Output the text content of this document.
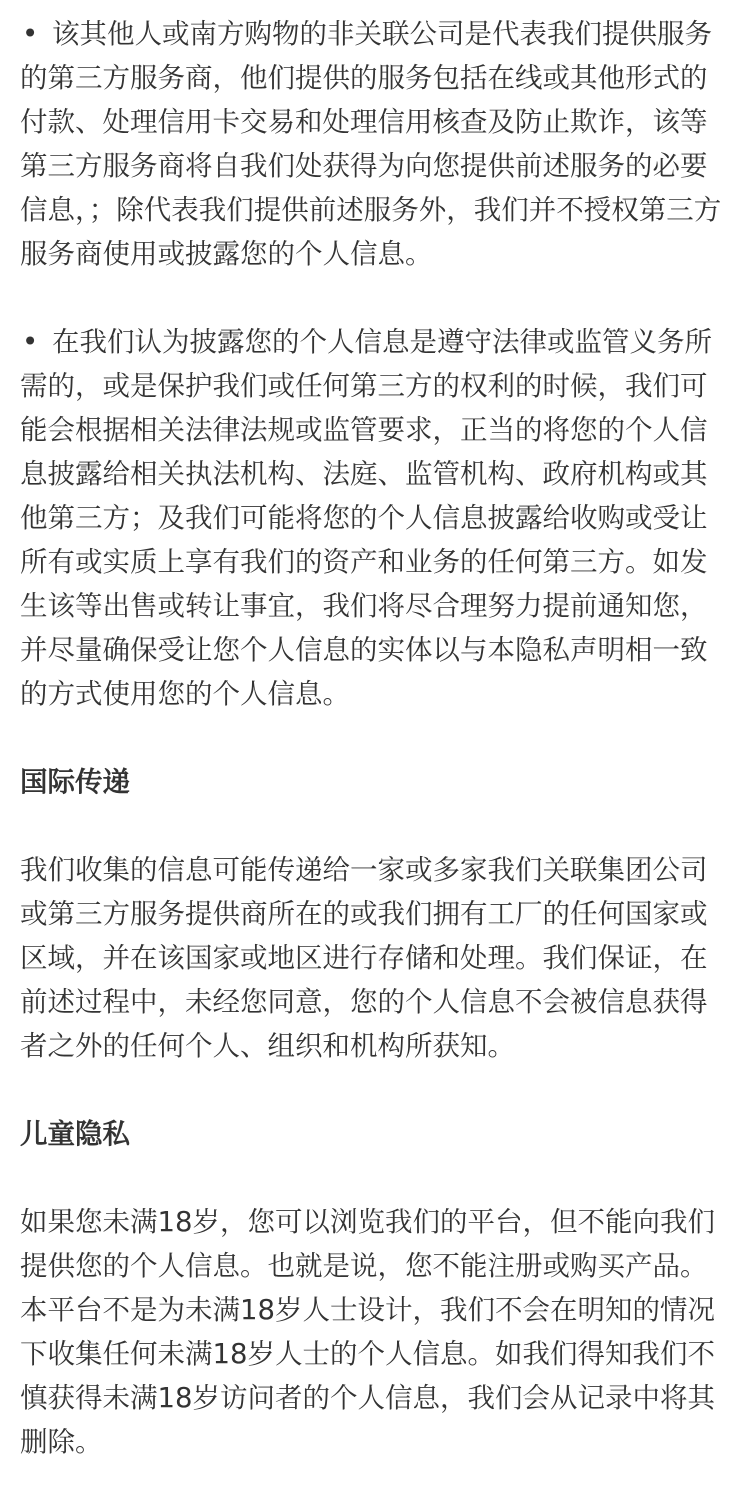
• 该其他人或南方购物的非关联公司是代表我们提供服务的第三方服务商，他们提供的服务包括在线或其他形式的付款、处理信用卡交易和处理信用核查及防止欺诈，该等第三方服务商将自我们处获得为向您提供前述服务的必要信息，；除代表我们提供前述服务外，我们并不授权第三方服务商使用或披露您的个人信息。

• 在我们认为披露您的个人信息是遵守法律或监管义务所需的，或是保护我们或任何第三方的权利的时候，我们可能会根据相关法律法规或监管要求，正当的将您的个人信息披露给相关执法机构、法庭、监管机构、政府机构或其他第三方；及我们可能将您的个人信息披露给收购或受让所有或实质上享有我们的资产和业务的任何第三方。如发生该等出售或转让事宜，我们将尽合理努力提前通知您，并尽量确保受让您个人信息的实体以与本隐私声明相一致的方式使用您的个人信息。

国际传递

我们收集的信息可能传递给一家或多家我们关联集团公司或第三方服务提供商所在的或我们拥有工厂的任何国家或区域，并在该国家或地区进行存储和处理。我们保证，在前述过程中，未经您同意，您的个人信息不会被信息获得者之外的任何个人、组织和机构所获知。

儿童隐私

如果您未满18岁，您可以浏览我们的平台，但不能向我们提供您的个人信息。也就是说，您不能注册或购买产品。本平台不是为未满18岁人士设计，我们不会在明知的情况下收集任何未满18岁人士的个人信息。如我们得知我们不慎获得未满18岁访问者的个人信息，我们会从记录中将其删除。
